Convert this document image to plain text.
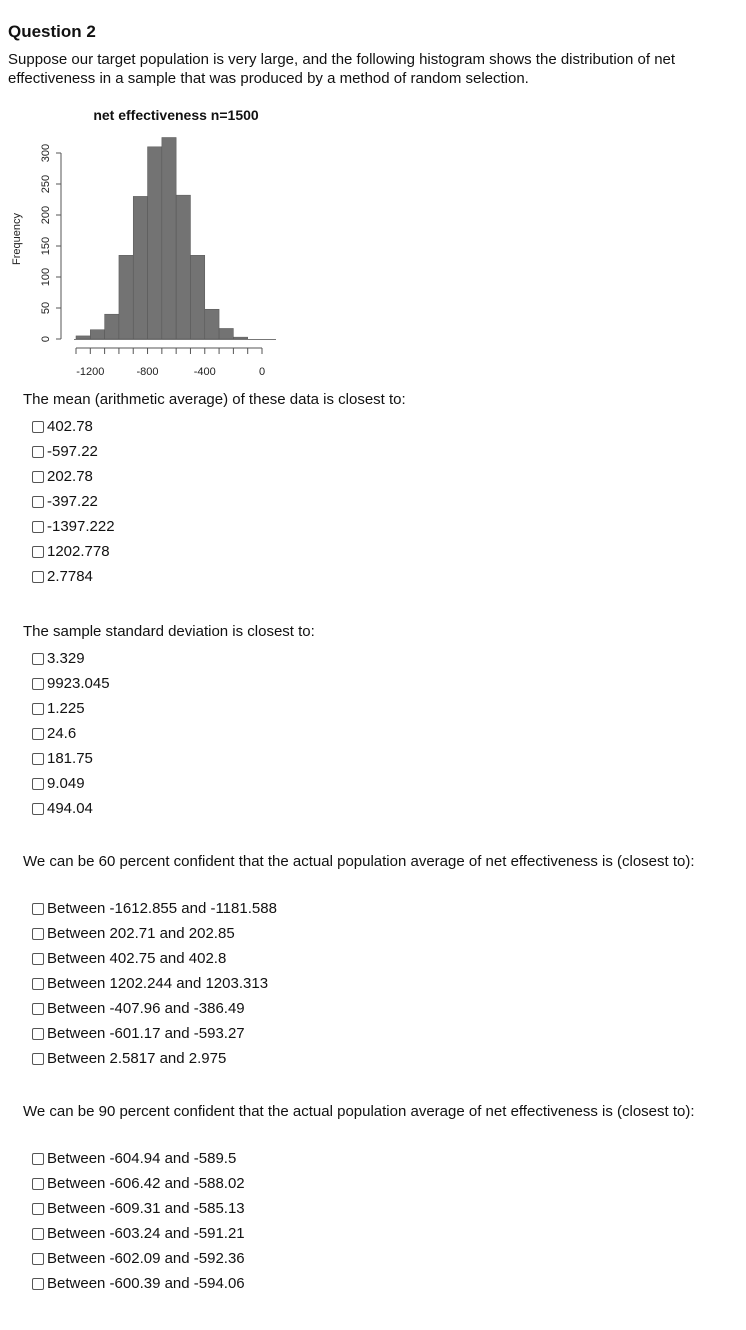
Question 2

Suppose our target population is very large, and the following histogram shows the distribution of net effectiveness in a sample that was produced by a method of random selection.

net effectiveness n=1500
Frequency
0
50
100
150
200
250
300
-1200	-800	-400	0

The mean (arithmetic average) of these data is closest to:

402.78
-597.22
202.78
-397.22
-1397.222
1202.778
2.7784

The sample standard deviation is closest to:

3.329
9923.045
1.225
24.6
181.75
9.049
494.04

We can be 60 percent confident that the actual population average of net effectiveness is (closest to):

Between -1612.855 and -1181.588
Between 202.71 and 202.85
Between 402.75 and 402.8
Between 1202.244 and 1203.313
Between -407.96 and -386.49
Between -601.17 and -593.27
Between 2.5817 and 2.975

We can be 90 percent confident that the actual population average of net effectiveness is (closest to):

Between -604.94 and -589.5
Between -606.42 and -588.02
Between -609.31 and -585.13
Between -603.24 and -591.21
Between -602.09 and -592.36
Between -600.39 and -594.06
